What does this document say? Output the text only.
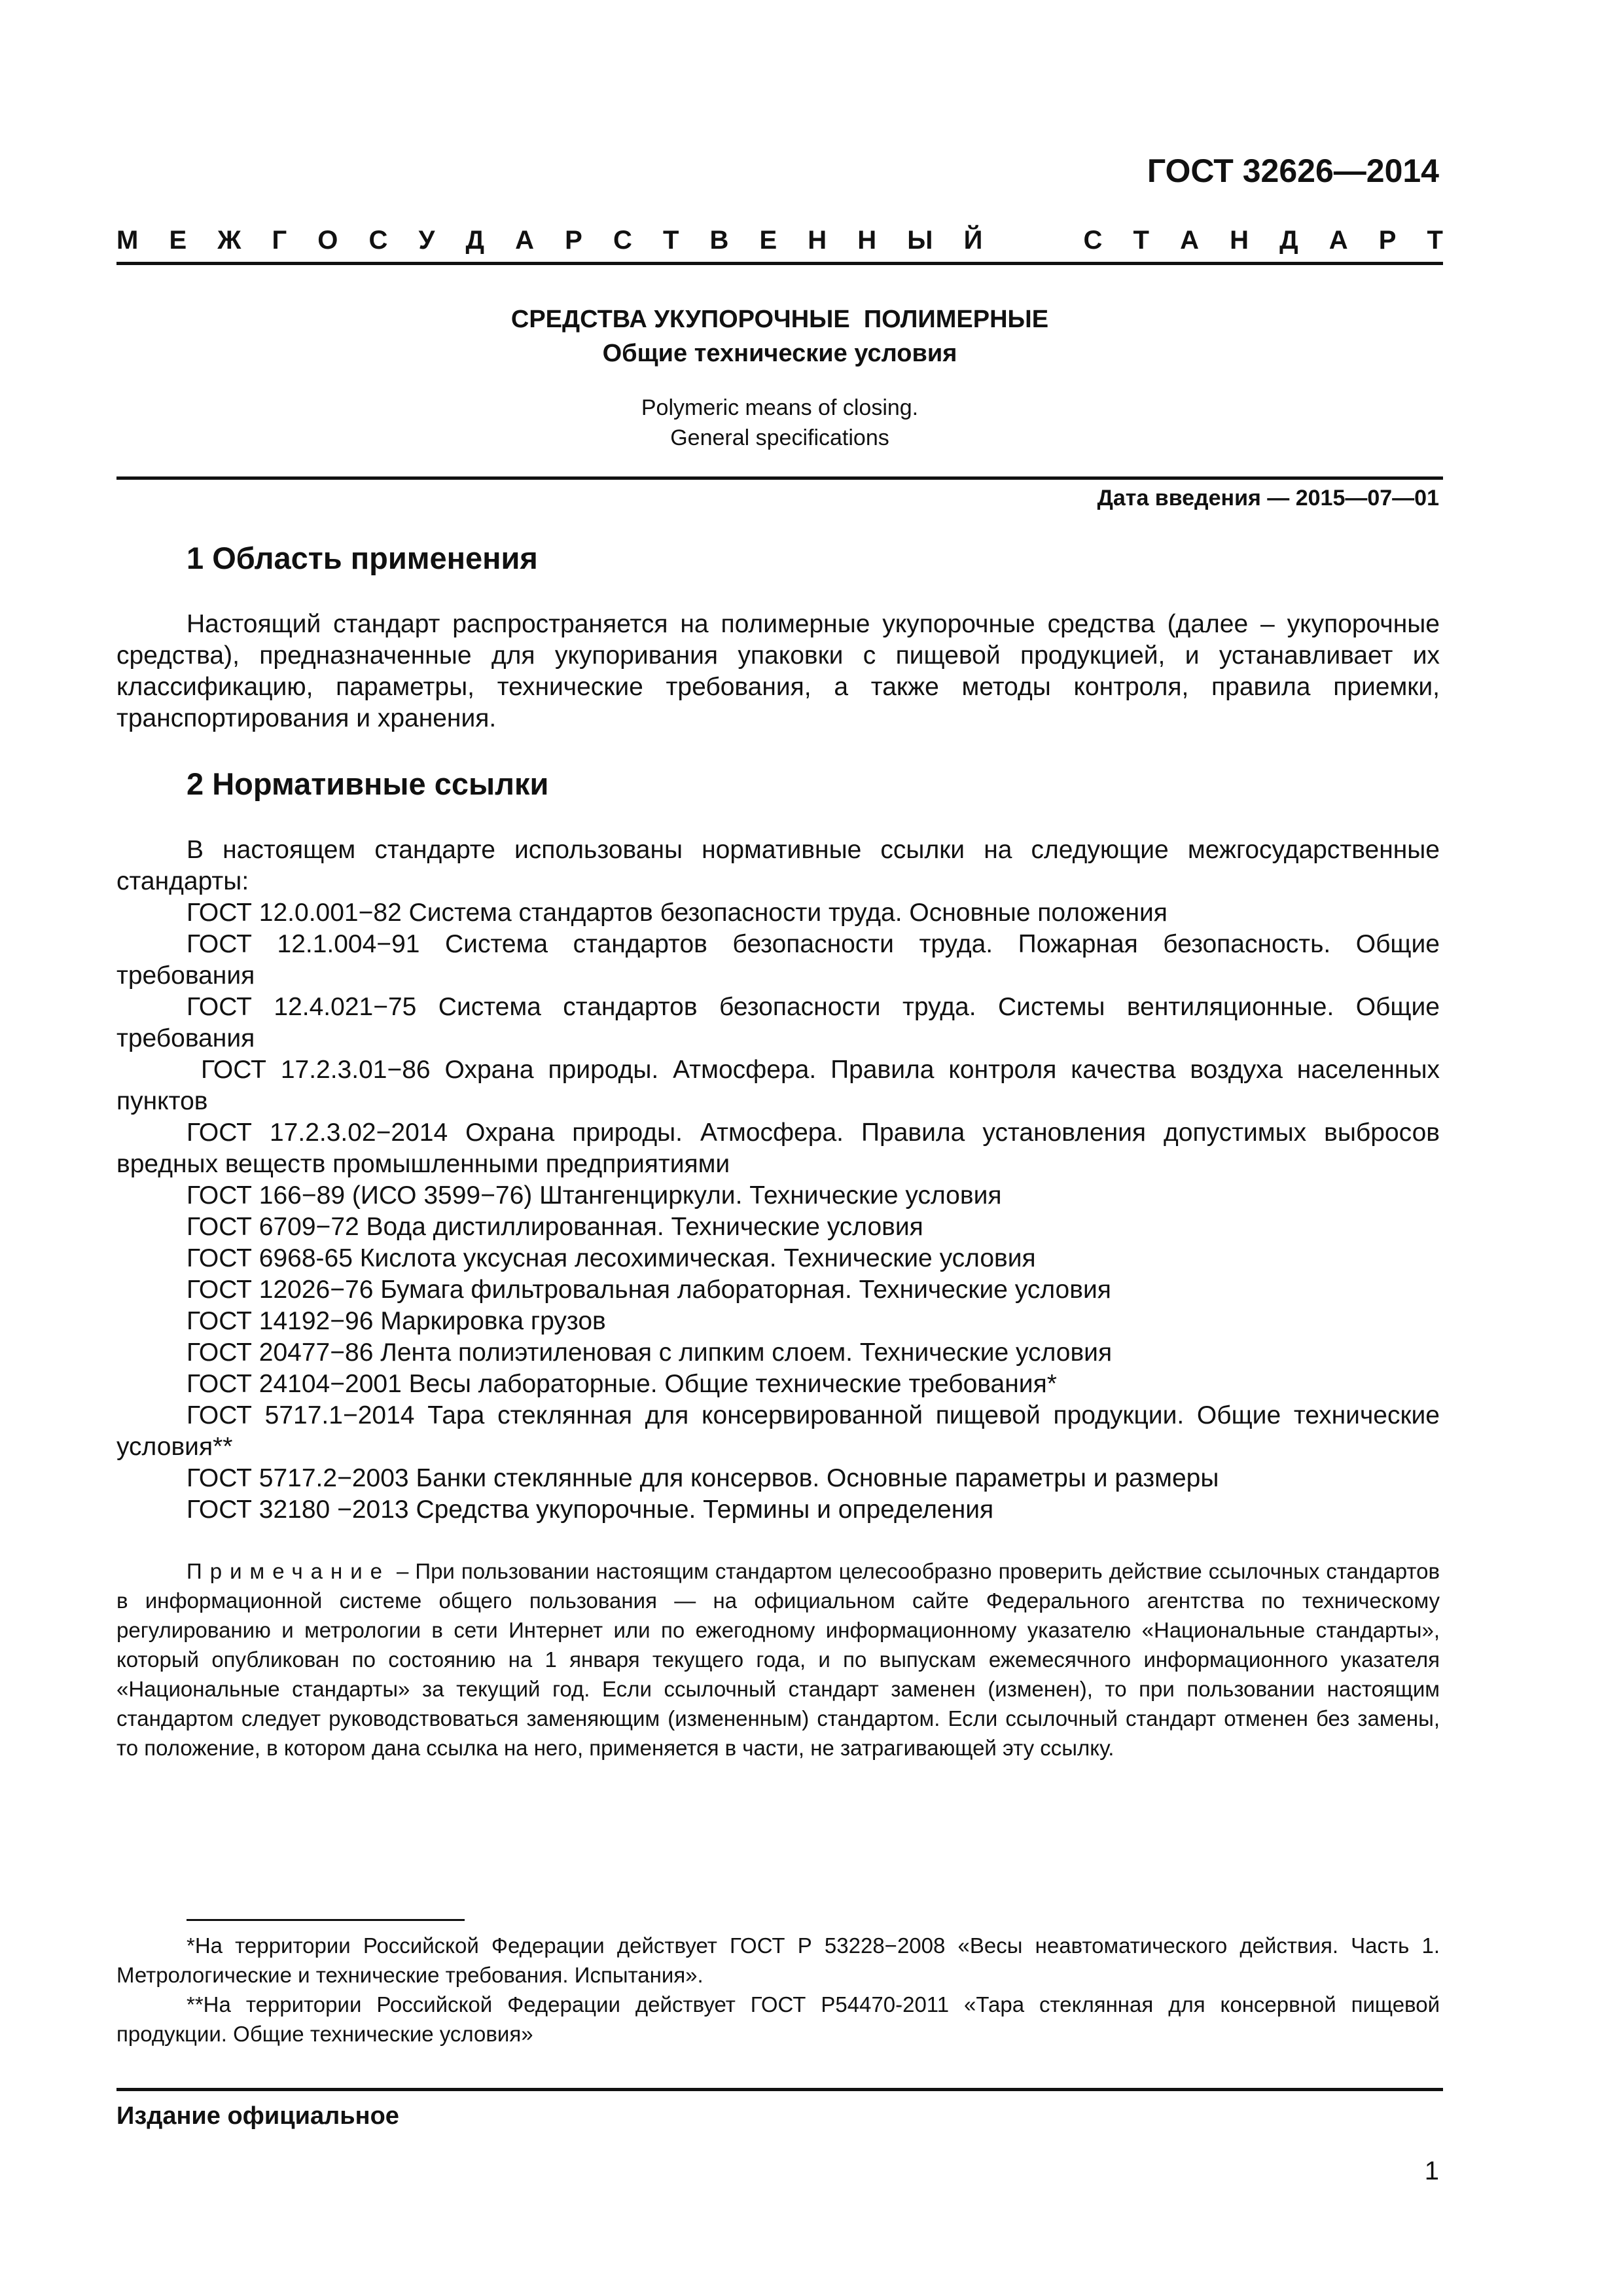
ГОСТ 32626—2014
М Е Ж Г О С У Д А Р С Т В Е Н Н Ы Й	С Т А Н Д А Р Т
СРЕДСТВА УКУПОРОЧНЫЕ  ПОЛИМЕРНЫЕ
Общие технические условия
Polymeric means of closing.
General specifications
Дата введения — 2015—07—01
1 Область применения
Настоящий стандарт распространяется на полимерные укупорочные средства (далее – укупорочные средства), предназначенные для укупоривания упаковки с пищевой продукцией, и устанавливает их классификацию, параметры, технические требования, а также методы контроля, правила приемки, транспортирования и хранения.
2 Нормативные ссылки

В настоящем стандарте использованы нормативные ссылки на следующие межгосударственные стандарты:

ГОСТ 12.0.001−82 Система стандартов безопасности труда. Основные положения

ГОСТ 12.1.004−91 Система стандартов безопасности труда. Пожарная безопасность. Общие требования

ГОСТ 12.4.021−75 Система стандартов безопасности труда. Системы вентиляционные. Общие требования

ГОСТ 17.2.3.01−86 Охрана природы. Атмосфера. Правила контроля качества воздуха населенных пунктов

ГОСТ 17.2.3.02−2014 Охрана природы. Атмосфера. Правила установления допустимых выбросов вредных веществ промышленными предприятиями

ГОСТ 166−89 (ИСО 3599−76) Штангенциркули. Технические условия

ГОСТ 6709−72 Вода дистиллированная. Технические условия

ГОСТ 6968-65 Кислота уксусная лесохимическая. Технические условия

ГОСТ 12026−76 Бумага фильтровальная лабораторная. Технические условия

ГОСТ 14192−96 Маркировка грузов

ГОСТ 20477−86 Лента полиэтиленовая с липким слоем. Технические условия

ГОСТ 24104−2001 Весы лабораторные. Общие технические требования*

ГОСТ 5717.1−2014 Тара стеклянная для консервированной пищевой продукции. Общие технические условия**

ГОСТ 5717.2−2003 Банки стеклянные для консервов. Основные параметры и размеры

ГОСТ 32180 −2013 Средства укупорочные. Термины и определения

Примечание – При пользовании настоящим стандартом целесообразно проверить действие ссылочных стандартов в информационной системе общего пользования — на официальном сайте Федерального агентства по техническому регулированию и метрологии в сети Интернет или по ежегодному информационному указателю «Национальные стандарты», который опубликован по состоянию на 1 января текущего года, и по выпускам ежемесячного информационного указателя «Национальные стандарты» за текущий год. Если ссылочный стандарт заменен (изменен), то при пользовании настоящим стандартом следует руководствоваться заменяющим (измененным) стандартом. Если ссылочный стандарт отменен без замены, то положение, в котором дана ссылка на него, применяется в части, не затрагивающей эту ссылку.

*На территории Российской Федерации действует ГОСТ Р 53228−2008 «Весы неавтоматического действия. Часть 1. Метрологические и технические требования. Испытания».

**На территории Российской Федерации действует ГОСТ Р54470-2011 «Тара стеклянная для консервной пищевой продукции. Общие технические условия»

Издание официальное
1
